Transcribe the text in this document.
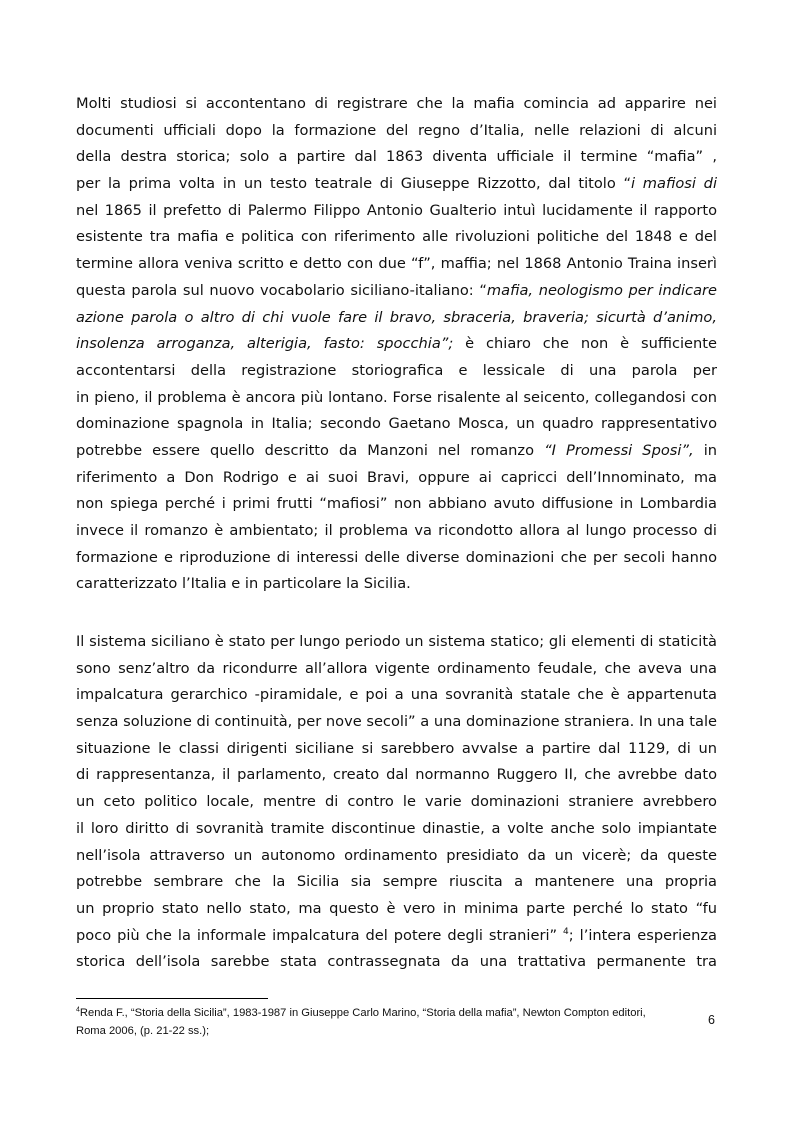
Molti studiosi si accontentano di registrare che la mafia comincia ad apparire nei
documenti ufficiali dopo la formazione del regno d’Italia, nelle relazioni di alcuni
della destra storica; solo a partire dal 1863 diventa ufficiale il termine “mafia” ,
per la prima volta in un testo teatrale di Giuseppe Rizzotto, dal titolo “i mafiosi di
nel 1865 il prefetto di Palermo Filippo Antonio Gualterio intuì lucidamente il rapporto
esistente tra mafia e politica con riferimento alle rivoluzioni politiche del 1848 e del
termine allora veniva scritto e detto con due “f”, maffia; nel 1868 Antonio Traina inserì
questa parola sul nuovo vocabolario siciliano-italiano: “mafia, neologismo per indicare
azione parola o altro di chi vuole fare il bravo, sbraceria, braveria; sicurtà d’animo,
insolenza arroganza, alterigia, fasto: spocchia”; è chiaro che non è sufficiente
accontentarsi della registrazione storiografica e lessicale di una parola per
in pieno, il problema è ancora più lontano. Forse risalente al seicento, collegandosi con
dominazione spagnola in Italia; secondo Gaetano Mosca, un quadro rappresentativo
potrebbe essere quello descritto da Manzoni nel romanzo “I Promessi Sposi”, in
riferimento a Don Rodrigo e ai suoi Bravi, oppure ai capricci dell’Innominato, ma
non spiega perché i primi frutti “mafiosi” non abbiano avuto diffusione in Lombardia
invece il romanzo è ambientato; il problema va ricondotto allora al lungo processo di
formazione e riproduzione di interessi delle diverse dominazioni che per secoli hanno
caratterizzato l’Italia e in particolare la Sicilia.
Il sistema siciliano è stato per lungo periodo un sistema statico; gli elementi di staticità
sono senz’altro da ricondurre all’allora vigente ordinamento feudale, che aveva una
impalcatura gerarchico -piramidale, e poi a una sovranità statale che è appartenuta
senza soluzione di continuità, per nove secoli” a una dominazione straniera. In una tale
situazione le classi dirigenti siciliane si sarebbero avvalse a partire dal 1129, di un
di rappresentanza, il parlamento, creato dal normanno Ruggero II, che avrebbe dato
un ceto politico locale, mentre di contro le varie dominazioni straniere avrebbero
il loro diritto di sovranità tramite discontinue dinastie, a volte anche solo impiantate
nell’isola attraverso un autonomo ordinamento presidiato da un vicerè; da queste
potrebbe sembrare che la Sicilia sia sempre riuscita a mantenere una propria
un proprio stato nello stato, ma questo è vero in minima parte perché lo stato “fu
poco più che la informale impalcatura del potere degli stranieri” $^4$; l’intera esperienza
storica dell’isola sarebbe stata contrassegnata da una trattativa permanente tra

$^4$Renda F., “Storia della Sicilia”, 1983-1987 in Giuseppe Carlo Marino, “Storia della mafia”, Newton Compton editori,
Roma 2006, (p. 21-22 ss.);

6
